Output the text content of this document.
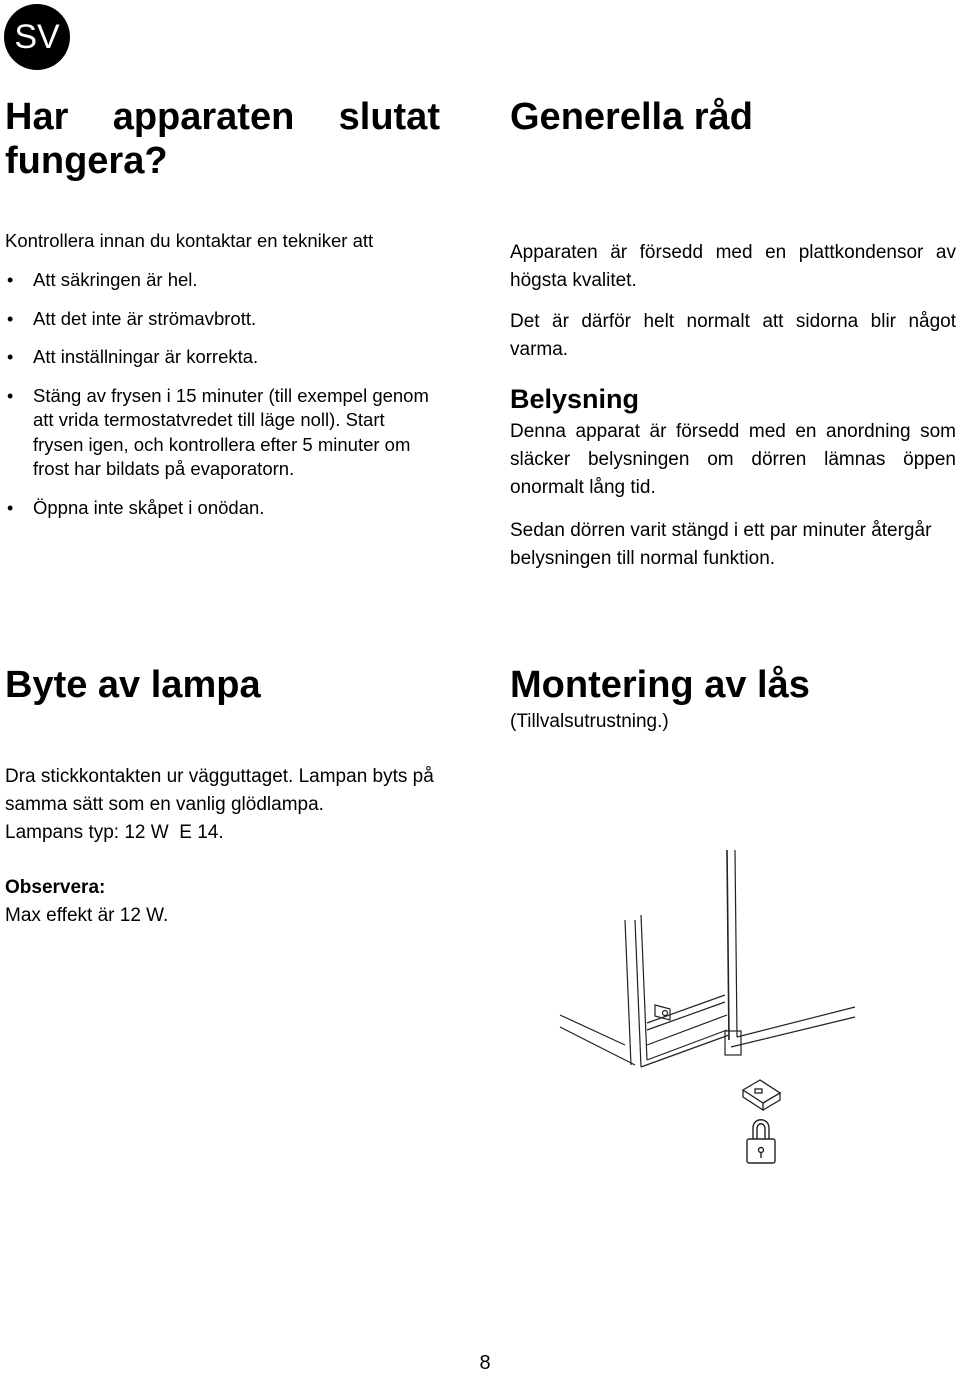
SV
Har apparaten slutat
fungera?

Kontrollera innan du kontaktar en tekniker att

• Att säkringen är hel.
• Att det inte är strömavbrott.
• Att inställningar är korrekta.
• Stäng av frysen i 15 minuter (till exempel genom att vrida termostatvredet till läge noll). Start frysen igen, och kontrollera efter 5 minuter om frost har bildats på evaporatorn.
• Öppna inte skåpet i onödan.
Generella råd

Apparaten är försedd med en plattkondensor av högsta kvalitet.

Det är därför helt normalt att sidorna blir något varma.

Belysning

Denna apparat är försedd med en anordning som släcker belysningen om dörren lämnas öppen onormalt lång tid.

Sedan dörren varit stängd i ett par minuter återgår belysningen till normal funktion.

Byte av lampa

Dra stickkontakten ur vägguttaget. Lampan byts på samma sätt som en vanlig glödlampa.

Lampans typ: 12 W  E 14.

Observera:

Max effekt är 12 W.

Montering av lås

(Tillvalsutrustning.)

8
